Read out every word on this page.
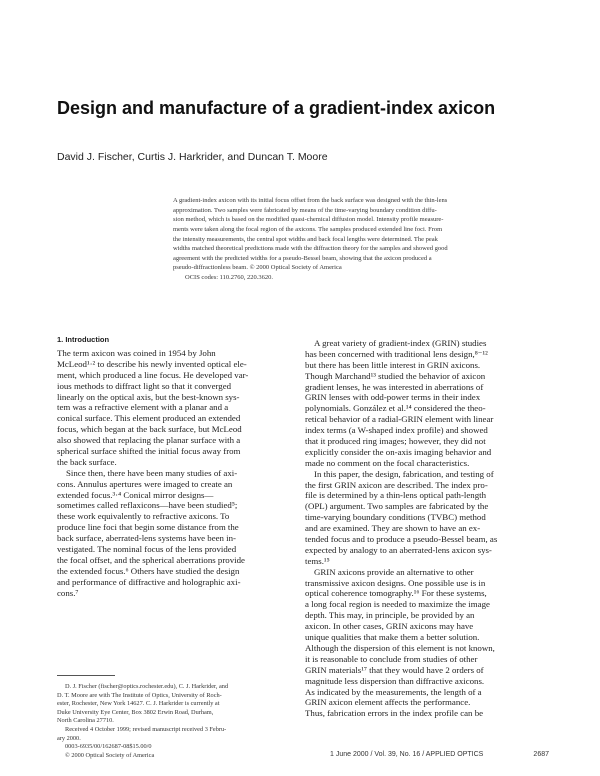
Design and manufacture of a gradient-index axicon
David J. Fischer, Curtis J. Harkrider, and Duncan T. Moore
A gradient-index axicon with its initial focus offset from the back surface was designed with the thin-lens
approximation. Two samples were fabricated by means of the time-varying boundary condition diffu-
sion method, which is based on the modified quasi-chemical diffusion model. Intensity profile measure-
ments were taken along the focal region of the axicons. The samples produced extended line foci. From
the intensity measurements, the central spot widths and back focal lengths were determined. The peak
widths matched theoretical predictions made with the diffraction theory for the samples and showed good
agreement with the predicted widths for a pseudo-Bessel beam, showing that the axicon produced a
pseudo-diffractionless beam. © 2000 Optical Society of America
OCIS codes: 110.2760, 220.3620.
1. Introduction
The term axicon was coined in 1954 by John
McLeod¹·² to describe his newly invented optical ele-
ment, which produced a line focus. He developed var-
ious methods to diffract light so that it converged
linearly on the optical axis, but the best-known sys-
tem was a refractive element with a planar and a
conical surface. This element produced an extended
focus, which began at the back surface, but McLeod
also showed that replacing the planar surface with a
spherical surface shifted the initial focus away from
the back surface.
Since then, there have been many studies of axi-
cons. Annulus apertures were imaged to create an
extended focus.³·⁴ Conical mirror designs—
sometimes called reflaxicons—have been studied⁵;
these work equivalently to refractive axicons. To
produce line foci that begin some distance from the
back surface, aberrated-lens systems have been in-
vestigated. The nominal focus of the lens provided
the focal offset, and the spherical aberrations provide
the extended focus.⁶ Others have studied the design
and performance of diffractive and holographic axi-
cons.⁷
D. J. Fischer (fischer@optics.rochester.edu), C. J. Harkrider, and
D. T. Moore are with The Institute of Optics, University of Roch-
ester, Rochester, New York 14627. C. J. Harkrider is currently at
Duke University Eye Center, Box 3802 Erwin Road, Durham,
North Carolina 27710.
Received 4 October 1999; revised manuscript received 3 Febru-
ary 2000.
0003-6935/00/162687-08$15.00/0
© 2000 Optical Society of America
A great variety of gradient-index (GRIN) studies
has been concerned with traditional lens design,⁸⁻¹²
but there has been little interest in GRIN axicons.
Though Marchand¹³ studied the behavior of axicon
gradient lenses, he was interested in aberrations of
GRIN lenses with odd-power terms in their index
polynomials. González et al.¹⁴ considered the theo-
retical behavior of a radial-GRIN element with linear
index terms (a W-shaped index profile) and showed
that it produced ring images; however, they did not
explicitly consider the on-axis imaging behavior and
made no comment on the focal characteristics.
In this paper, the design, fabrication, and testing of
the first GRIN axicon are described. The index pro-
file is determined by a thin-lens optical path-length
(OPL) argument. Two samples are fabricated by the
time-varying boundary conditions (TVBC) method
and are examined. They are shown to have an ex-
tended focus and to produce a pseudo-Bessel beam, as
expected by analogy to an aberrated-lens axicon sys-
tems.¹⁵
GRIN axicons provide an alternative to other
transmissive axicon designs. One possible use is in
optical coherence tomography.¹⁶ For these systems,
a long focal region is needed to maximize the image
depth. This may, in principle, be provided by an
axicon. In other cases, GRIN axicons may have
unique qualities that make them a better solution.
Although the dispersion of this element is not known,
it is reasonable to conclude from studies of other
GRIN materials¹⁷ that they would have 2 orders of
magnitude less dispersion than diffractive axicons.
As indicated by the measurements, the length of a
GRIN axicon element affects the performance.
Thus, fabrication errors in the index profile can be
1 June 2000 / Vol. 39, No. 16 / APPLIED OPTICS	2687
